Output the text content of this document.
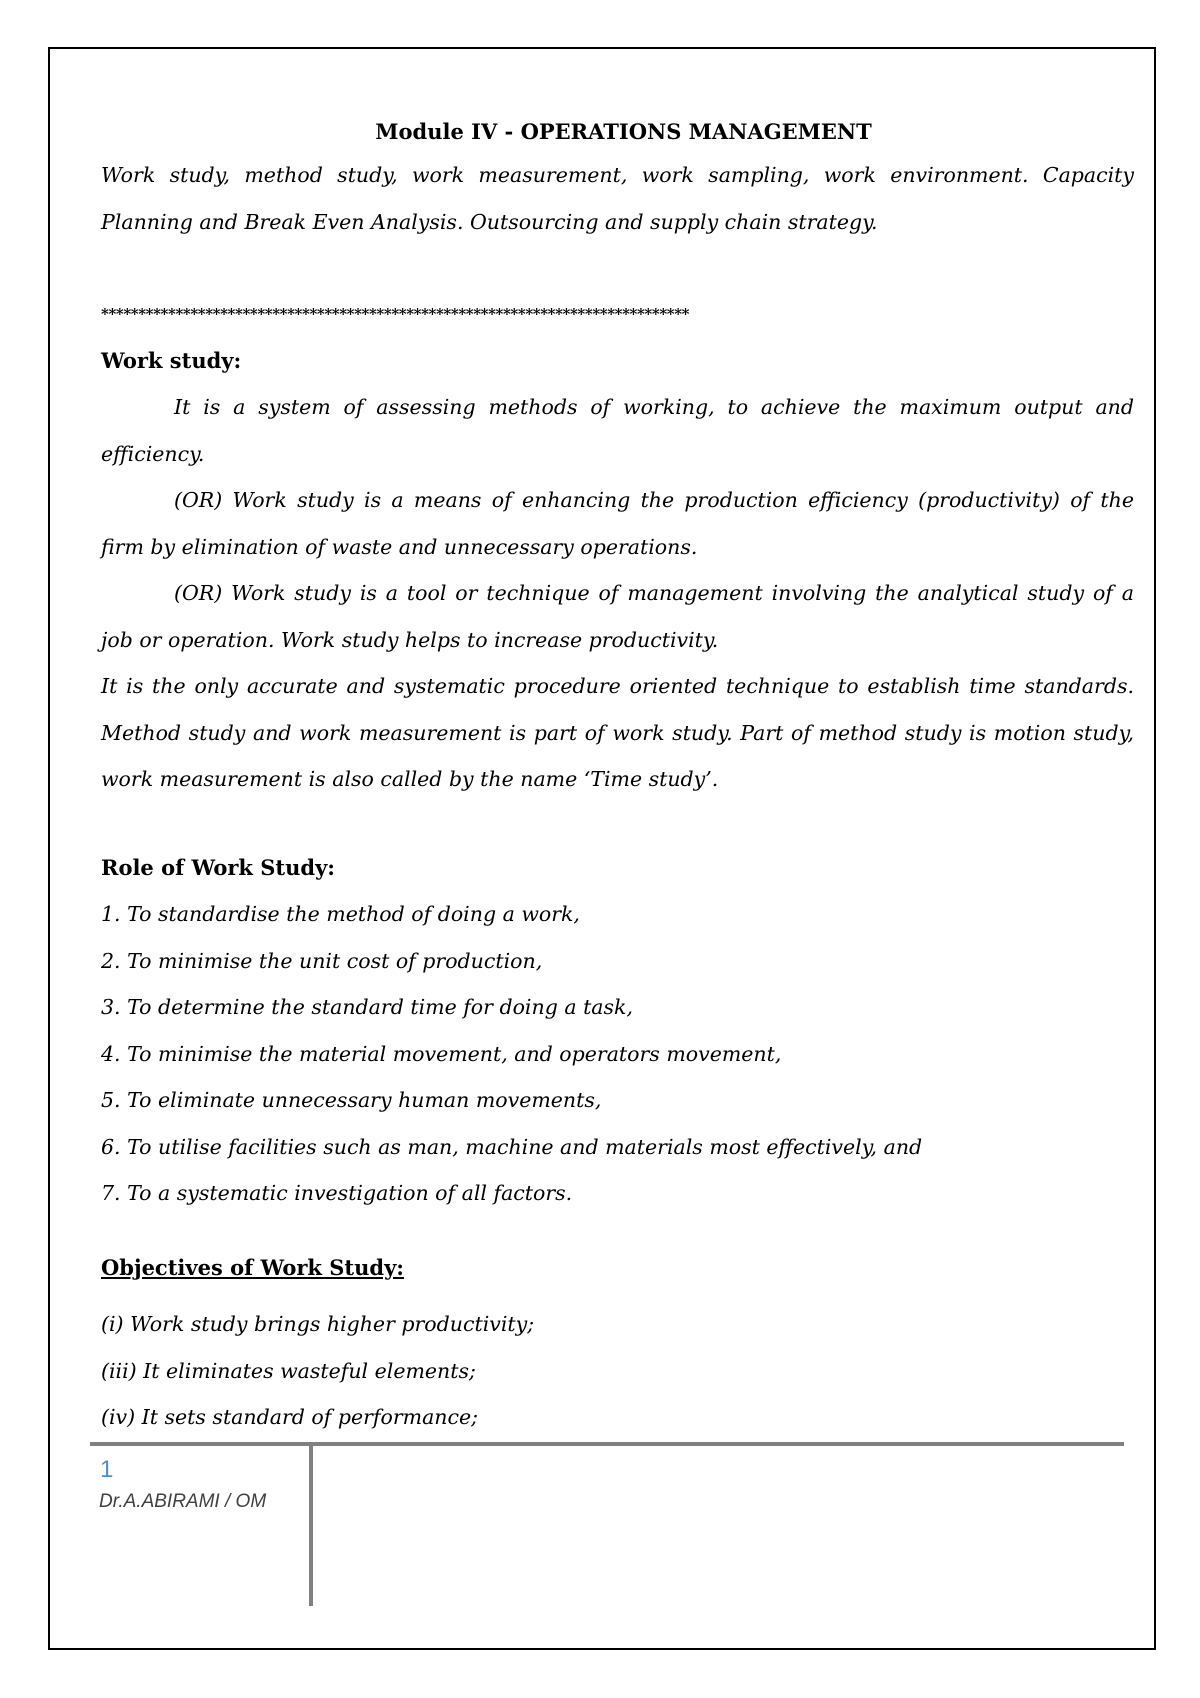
Module IV - OPERATIONS MANAGEMENT

Work study, method study, work measurement, work sampling, work environment. Capacity Planning and Break Even Analysis. Outsourcing and supply chain strategy.

*******************************************************************************
Work study:

It is a system of assessing methods of working, to achieve the maximum output and efficiency.

(OR) Work study is a means of enhancing the production efficiency (productivity) of the firm by elimination of waste and unnecessary operations.

(OR) Work study is a tool or technique of management involving the analytical study of a job or operation. Work study helps to increase productivity.

It is the only accurate and systematic procedure oriented technique to establish time standards. Method study and work measurement is part of work study. Part of method study is motion study, work measurement is also called by the name ‘Time study’.

Role of Work Study:

1. To standardise the method of doing a work,

2. To minimise the unit cost of production,

3. To determine the standard time for doing a task,

4. To minimise the material movement, and operators movement,

5. To eliminate unnecessary human movements,

6. To utilise facilities such as man, machine and materials most effectively, and

7. To a systematic investigation of all factors.

Objectives of Work Study:

(i) Work study brings higher productivity;

(iii) It eliminates wasteful elements;

(iv) It sets standard of performance;

1
Dr.A.ABIRAMI / OM
